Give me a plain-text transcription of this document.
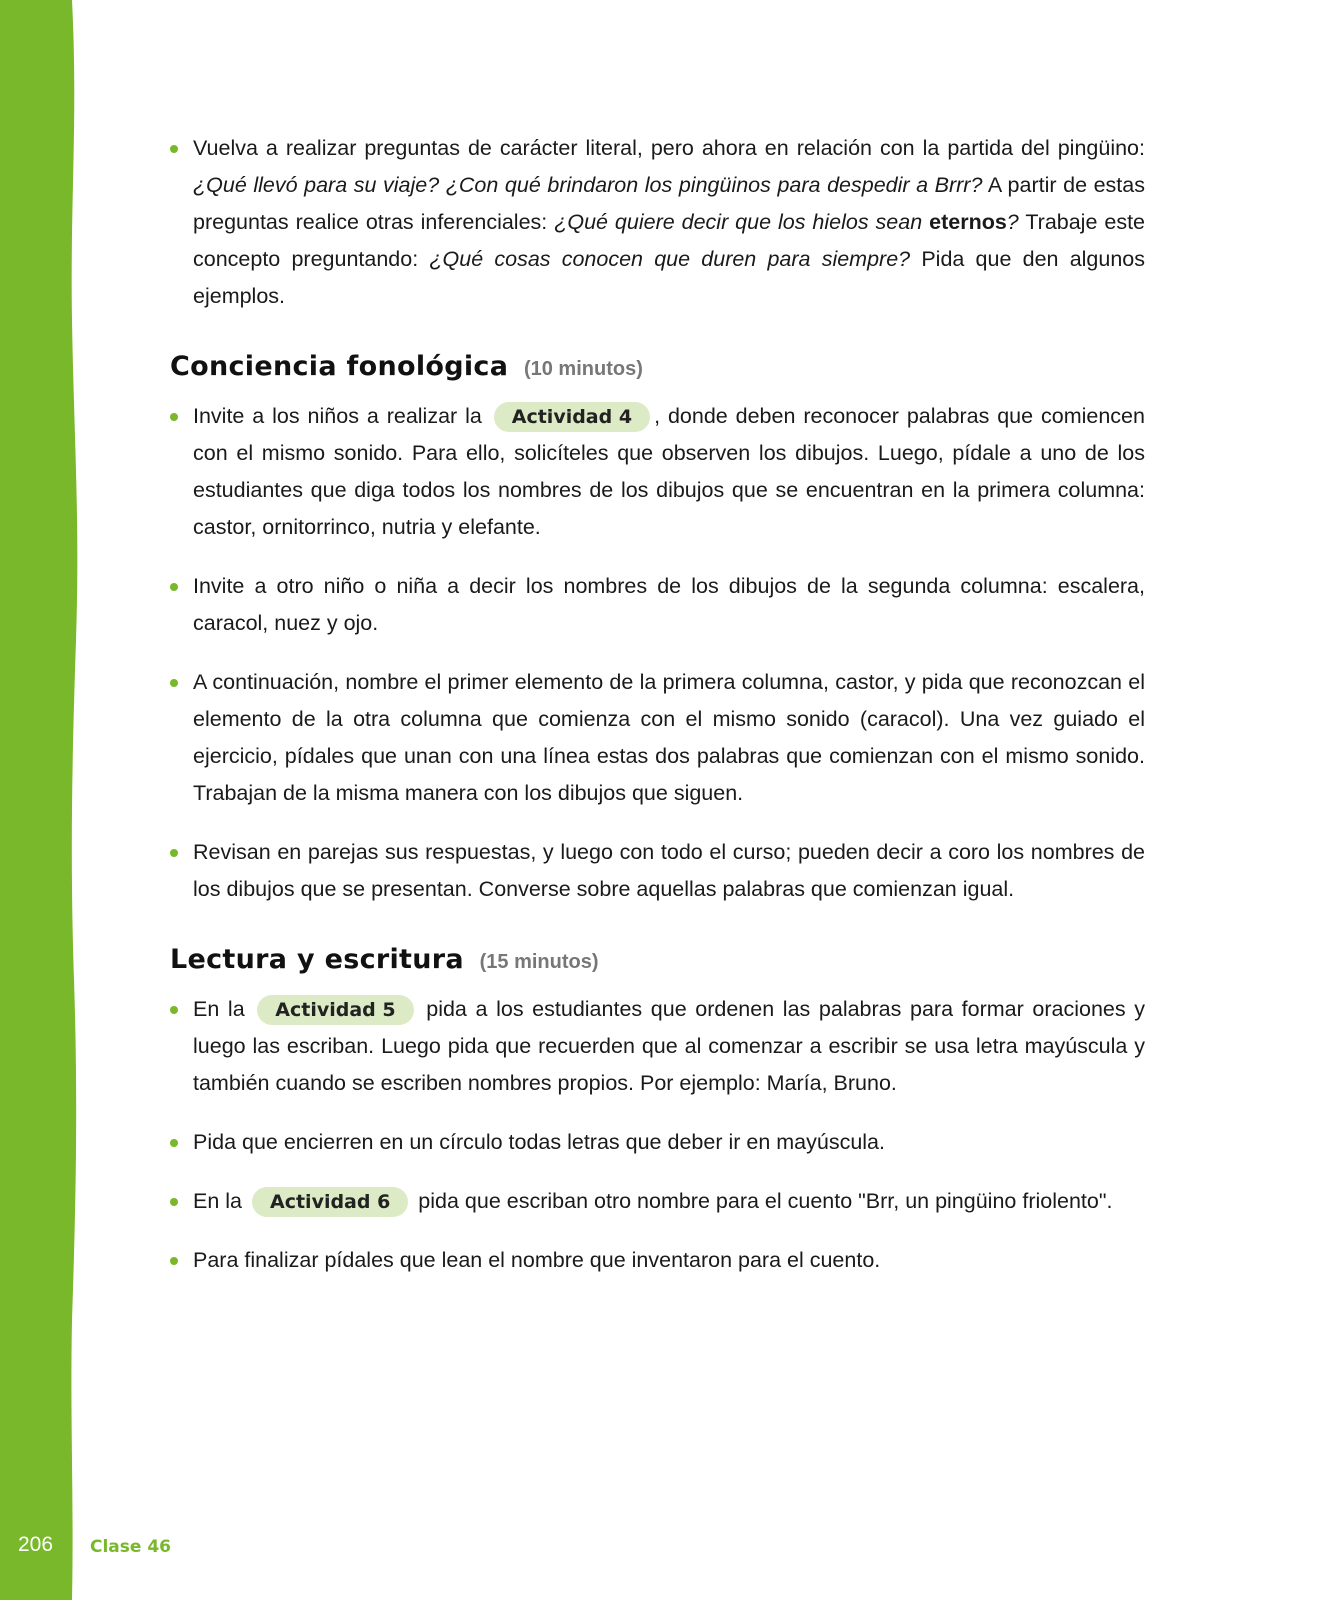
Vuelva a realizar preguntas de carácter literal, pero ahora en relación con la partida del pingüino: ¿Qué llevó para su viaje? ¿Con qué brindaron los pingüinos para despedir a Brrr? A partir de estas preguntas realice otras inferenciales: ¿Qué quiere decir que los hielos sean eternos? Trabaje este concepto preguntando: ¿Qué cosas conocen que duren para siempre? Pida que den algunos ejemplos.
Conciencia fonológica (10 minutos)
Invite a los niños a realizar la Actividad 4 , donde deben reconocer palabras que comiencen con el mismo sonido. Para ello, solicíteles que observen los dibujos. Luego, pídale a uno de los estudiantes que diga todos los nombres de los dibujos que se encuentran en la primera columna: castor, ornitorrinco, nutria y elefante.
Invite a otro niño o niña a decir los nombres de los dibujos de la segunda columna: escalera, caracol, nuez y ojo.
A continuación, nombre el primer elemento de la primera columna, castor, y pida que reconozcan el elemento de la otra columna que comienza con el mismo sonido (caracol). Una vez guiado el ejercicio, pídales que unan con una línea estas dos palabras que comienzan con el mismo sonido. Trabajan de la misma manera con los dibujos que siguen.
Revisan en parejas sus respuestas, y luego con todo el curso; pueden decir a coro los nombres de los dibujos que se presentan. Converse sobre aquellas palabras que comienzan igual.
Lectura y escritura (15 minutos)
En la Actividad 5 pida a los estudiantes que ordenen las palabras para formar oraciones y luego las escriban. Luego pida que recuerden que al comenzar a escribir se usa letra mayúscula y también cuando se escriben nombres propios. Por ejemplo: María, Bruno.
Pida que encierren en un círculo todas letras que deber ir en mayúscula.
En la Actividad 6 pida que escriban otro nombre para el cuento "Brr, un pingüino friolento".
Para finalizar pídales que lean el nombre que inventaron para el cuento.
206 Clase 46
